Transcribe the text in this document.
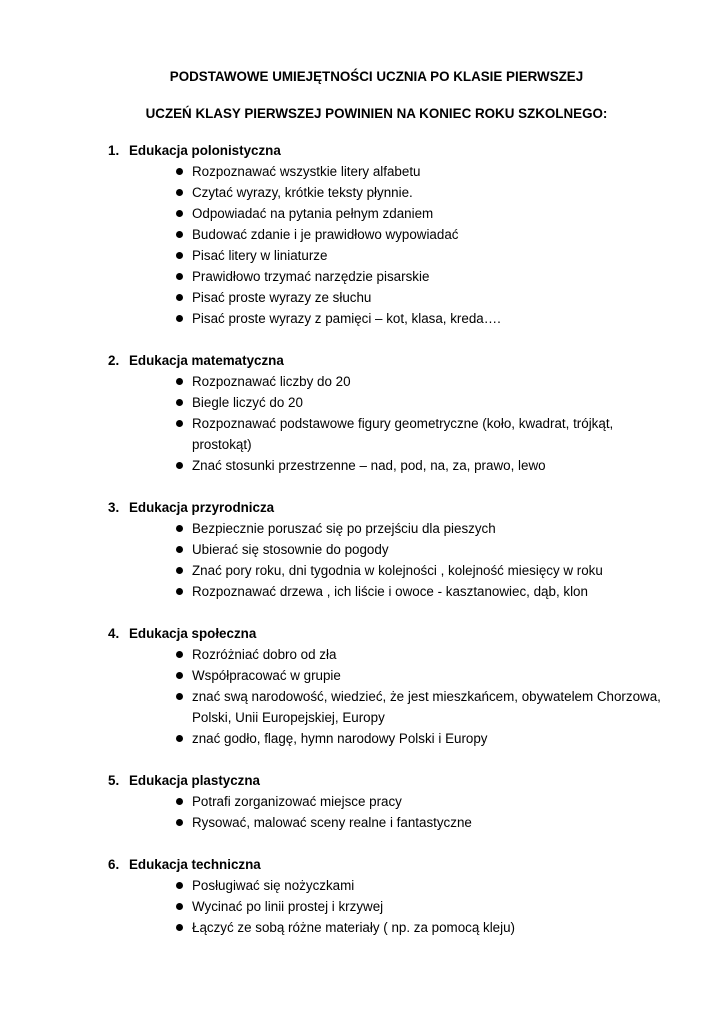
PODSTAWOWE UMIEJĘTNOŚCI UCZNIA PO KLASIE PIERWSZEJ
UCZEŃ KLASY PIERWSZEJ POWINIEN NA KONIEC ROKU SZKOLNEGO:
1. Edukacja polonistyczna
Rozpoznawać wszystkie litery alfabetu
Czytać wyrazy, krótkie teksty płynnie.
Odpowiadać na pytania pełnym zdaniem
Budować zdanie i je prawidłowo wypowiadać
Pisać litery w liniaturze
Prawidłowo trzymać narzędzie pisarskie
Pisać proste wyrazy ze słuchu
Pisać proste wyrazy z pamięci – kot, klasa, kreda….
2. Edukacja matematyczna
Rozpoznawać liczby do 20
Biegle liczyć do 20
Rozpoznawać podstawowe figury geometryczne (koło, kwadrat, trójkąt, prostokąt)
Znać stosunki przestrzenne – nad, pod, na, za, prawo, lewo
3. Edukacja przyrodnicza
Bezpiecznie poruszać się po przejściu dla pieszych
Ubierać się stosownie do pogody
Znać pory roku, dni tygodnia w kolejności , kolejność miesięcy w roku
Rozpoznawać drzewa , ich liście i owoce - kasztanowiec, dąb, klon
4. Edukacja społeczna
Rozróżniać dobro od zła
Współpracować w grupie
znać swą narodowość, wiedzieć, że jest mieszkańcem, obywatelem Chorzowa, Polski, Unii Europejskiej, Europy
znać godło, flagę, hymn narodowy Polski i Europy
5. Edukacja plastyczna
Potrafi zorganizować miejsce pracy
Rysować, malować sceny realne i fantastyczne
6. Edukacja techniczna
Posługiwać się nożyczkami
Wycinać po linii prostej i krzywej
Łączyć ze sobą różne materiały ( np. za pomocą kleju)
